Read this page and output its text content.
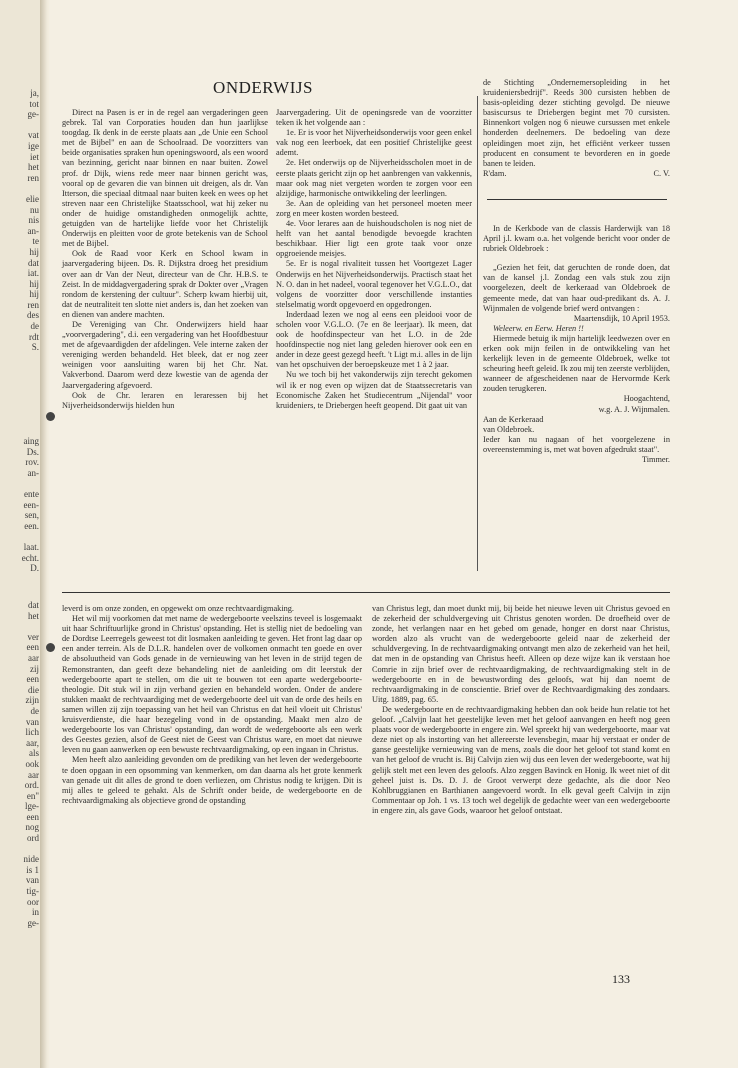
ja,
tot
ge-

vat
ige
iet
het
ren

elie
nu
nis
an-
te
hij
dat
iat.
hij
hij
ren
des
de
rdt
S.
aing
Ds.
rov.
an-

ente
een-
sen,
een.

laat.
echt.
D.
dat
het

ver
een
aar
zij
een
die
zijn
de
van
lich
aar,
als
ook
aar
ord.
en"
lge-
een
nog
ord

nide
is 1
van
tig-
oor
in
ge-
ONDERWIJS

Direct na Pasen is er in de regel aan vergaderingen geen gebrek. Tal van Corporaties houden dan hun jaarlijkse toogdag. Ik denk in de eerste plaats aan „de Unie een School met de Bijbel" en aan de Schoolraad. De voorzitters van beide organisaties spraken hun openingswoord, als een woord van bezinning, gericht naar binnen en naar buiten. Zowel prof. dr Dijk, wiens rede meer naar binnen gericht was, vooral op de gevaren die van binnen uit dreigen, als dr. Van Itterson, die speciaal ditmaal naar buiten keek en wees op het streven naar een Christelijke Staatsschool, wat hij zeker nu onder de huidige omstandigheden onmogelijk achtte, getuigden van de hartelijke liefde voor het Christelijk Onderwijs en pleitten voor de grote betekenis van de School met de Bijbel.

Ook de Raad voor Kerk en School kwam in jaarvergadering bijeen. Ds. R. Dijkstra droeg het presidium over aan dr Van der Neut, directeur van de Chr. H.B.S. te Zeist. In de middagvergadering sprak dr Dokter over „Vragen rondom de kerstening der cultuur". Scherp kwam hierbij uit, dat de neutraliteit ten slotte niet anders is, dan het zoeken van en dienen van andere machten.

De Vereniging van Chr. Onderwijzers hield haar „voorvergadering", d.i. een vergadering van het Hoofdbestuur met de afgevaardigden der afdelingen. Vele interne zaken der vereniging werden behandeld. Het bleek, dat er nog zeer weinigen voor aansluiting waren bij het Chr. Nat. Vakverbond. Daarom werd deze kwestie van de agenda der Jaarvergadering afgevoerd.

Ook de Chr. leraren en leraressen bij het Nijverheidsonderwijs hielden hun

Jaarvergadering. Uit de openingsrede van de voorzitter teken ik het volgende aan :

1e. Er is voor het Nijverheidsonderwijs voor geen enkel vak nog een leerboek, dat een positief Christelijke geest ademt.

2e. Het onderwijs op de Nijverheidsscholen moet in de eerste plaats gericht zijn op het aanbrengen van vakkennis, maar ook mag niet vergeten worden te zorgen voor een alzijdige, harmonische ontwikkeling der leerlingen.

3e. Aan de opleiding van het personeel moeten meer zorg en meer kosten worden besteed.

4e. Voor lerares aan de huishoudscholen is nog niet de helft van het aantal benodigde bevoegde krachten beschikbaar. Hier ligt een grote taak voor onze opgroeiende meisjes.

5e. Er is nogal rivaliteit tussen het Voortgezet Lager Onderwijs en het Nijverheidsonderwijs. Practisch staat het N. O. dan in het nadeel, vooral tegenover het V.G.L.O., dat volgens de voorzitter door verschillende instanties stelselmatig wordt opgevoerd en opgedrongen.

Inderdaad lezen we nog al eens een pleidooi voor de scholen voor V.G.L.O. (7e en 8e leerjaar). Ik meen, dat ook de hoofdinspecteur van het L.O. in de 2de hoofdinspectie nog niet lang geleden hierover ook een en ander in deze geest gezegd heeft. 't Ligt m.i. alles in de lijn van het opschuiven der beroepskeuze met 1 à 2 jaar.

Nu we toch bij het vakonderwijs zijn terecht gekomen wil ik er nog even op wijzen dat de Staatssecretaris van Economische Zaken het Studiecentrum „Nijendal" voor kruideniers, te Driebergen heeft geopend. Dit gaat uit van

de Stichting „Ondernemersopleiding in het kruideniersbedrijf". Reeds 300 cursisten hebben de basis-opleiding dezer stichting gevolgd. De nieuwe basiscursus te Driebergen begint met 70 cursisten. Binnenkort volgen nog 6 nieuwe cursussen met enkele honderden deelnemers. De bedoeling van deze opleidingen moet zijn, het efficiënt verkeer tussen producent en consument te bevorderen en in goede banen te leiden.

R'dam.	C. V.

In de Kerkbode van de classis Harderwijk van 18 April j.l. kwam o.a. het volgende bericht voor onder de rubriek Oldebroek :

„Gezien het feit, dat geruchten de ronde doen, dat van de kansel j.l. Zondag een vals stuk zou zijn voorgelezen, deelt de kerkeraad van Oldebroek de gemeente mede, dat van haar oud-predikant ds. A. J. Wijnmalen de volgende brief werd ontvangen :

Maartensdijk, 10 April 1953.

Weleerw. en Eerw. Heren !!

Hiermede betuig ik mijn hartelijk leedwezen over en erken ook mijn feilen in de ontwikkeling van het kerkelijk leven in de gemeente Oldebroek, welke tot scheuring heeft geleid. Ik zou mij ten zeerste verblijden, wanneer de afgescheidenen naar de Hervormde Kerk zouden terugkeren.

Hoogachtend,

w.g. A. J. Wijnmalen.

Aan de Kerkeraad

van Oldebroek.

Ieder kan nu nagaan of het voorgelezene in overeenstemming is, met wat boven afgedrukt staat".

Timmer.

leverd is om onze zonden, en opgewekt om onze rechtvaardigmaking.

Het wil mij voorkomen dat met name de wedergeboorte veelszins teveel is losgemaakt uit haar Schriftuurlijke grond in Christus' opstanding. Het is stellig niet de bedoeling van de Dordtse Leerregels geweest tot dit losmaken aanleiding te geven. Het front lag daar op een ander terrein. Als de D.L.R. handelen over de volkomen onmacht ten goede en over de absoluutheid van Gods genade in de vernieuwing van het leven in de strijd tegen de Remonstranten, dan geeft deze behandeling niet de aanleiding om dit leerstuk der wedergeboorte apart te stellen, om die uit te bouwen tot een aparte wedergeboorte-theologie. Dit stuk wil in zijn verband gezien en behandeld worden. Onder de andere stukken maakt de rechtvaardiging met de wedergeboorte deel uit van de orde des heils en samen willen zij zijn toepassing van het heil van Christus en dat heil vloeit uit Christus' kruisverdienste, die haar bezegeling vond in de opstanding. Maakt men alzo de wedergeboorte los van Christus' opstanding, dan wordt de wedergeboorte als een werk des Geestes gezien, alsof de Geest niet de Geest van Christus ware, en moet dat nieuwe leven nu gaan aanwerken op een bewuste rechtvaardigmaking, op een ingaan in Christus.

Men heeft alzo aanleiding gevonden om de prediking van het leven der wedergeboorte te doen opgaan in een opsomming van kenmerken, om dan daarna als het grote kenmerk van genade uit dit alles de grond te doen verliezen, om Christus nodig te krijgen. Dit is mij alles te geleed te gehakt. Als de Schrift onder beide, de wedergeboorte en de rechtvaardigmaking als objectieve grond de opstanding

van Christus legt, dan moet dunkt mij, bij beide het nieuwe leven uit Christus gevoed en de zekerheid der schuldvergeving uit Christus genoten worden. De droefheid over de zonde, het verlangen naar en het gebed om genade, honger en dorst naar Christus, worden alzo als vrucht van de wedergeboorte geleid naar de zekerheid der schuldvergeving. In de rechtvaardigmaking ontvangt men alzo de zekerheid van het heil, dat men in de opstanding van Christus heeft. Alleen op deze wijze kan ik verstaan hoe Comrie in zijn brief over de rechtvaardigmaking, de rechtvaardigmaking stelt in de wedergeboorte en in de bewustwording des geloofs, wat hij dan noemt de rechtvaardigmaking in de conscientie. Brief over de Rechtvaardigmaking des zondaars. Uitg. 1889, pag. 65.

De wedergeboorte en de rechtvaardigmaking hebben dan ook beide hun relatie tot het geloof. „Calvijn laat het geestelijke leven met het geloof aanvangen en heeft nog geen plaats voor de wedergeboorte in engere zin. Wel spreekt hij van wedergeboorte, maar vat deze niet op als instorting van het allereerste levensbegin, maar hij verstaat er onder de ganse geestelijke vernieuwing van de mens, zoals die door het geloof tot stand komt en van het geloof de vrucht is. Bij Calvijn zien wij dus een leven der wedergeboorte, wat hij gelijk stelt met een leven des geloofs. Alzo zeggen Bavinck en Honig. Ik weet niet of dit geheel juist is. Ds. D. J. de Groot verwerpt deze gedachte, als die door Neo Kohlbruggianen en Barthianen aangevoerd wordt. In elk geval geeft Calvijn in zijn Commentaar op Joh. 1 vs. 13 toch wel degelijk de gedachte weer van een wedergeboorte in engere zin, als gave Gods, waaroor het geloof ontstaat.

133
